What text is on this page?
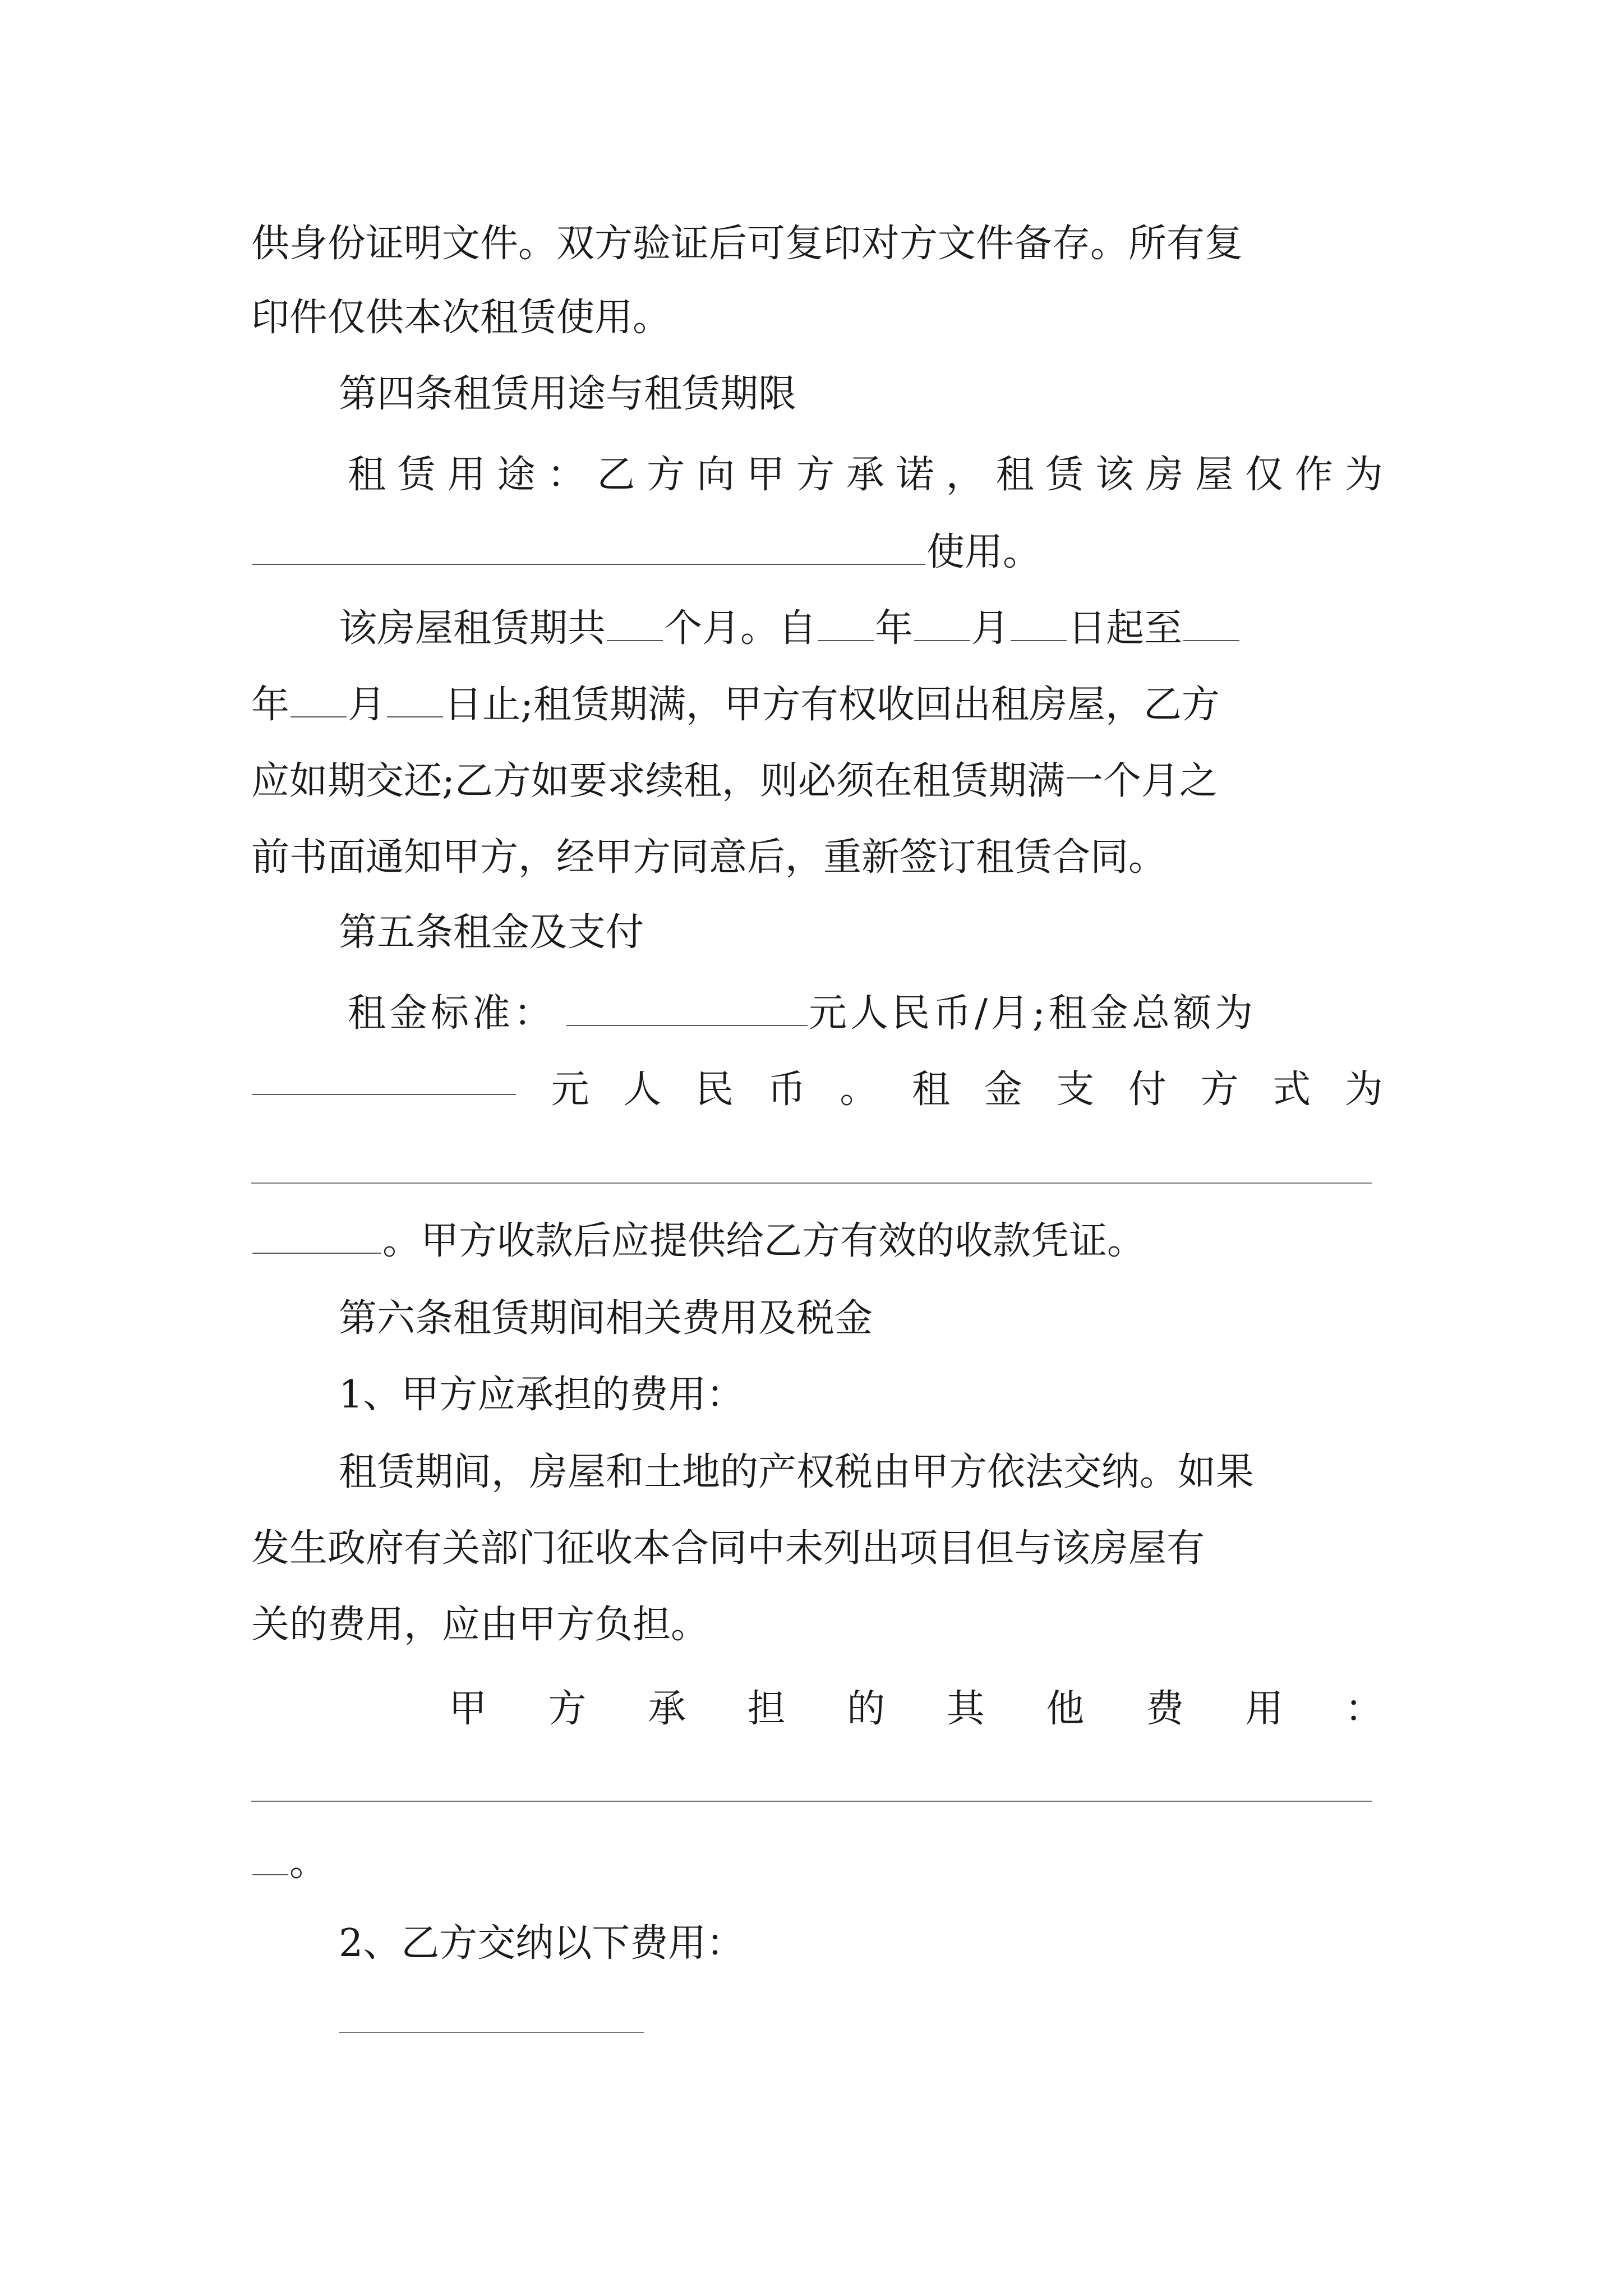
供身份证明文件。双方验证后可复印对方文件备存。所有复
印件仅供本次租赁使用。
第四条租赁用途与租赁期限
租 赁 用 途 ： 乙 方 向 甲 方 承 诺 ， 租 赁 该 房 屋 仅 作 为
使用。
该房屋租赁期共 个月。自 年 月 日起至
年 月 日止;租赁期满，甲方有权收回出租房屋，乙方
应如期交还;乙方如要求续租，则必须在租赁期满一个月之
前书面通知甲方，经甲方同意后，重新签订租赁合同。
第五条租金及支付
租金标准：	元人民币/月;租金总额为
元 人 民 币 。 租 金 支 付 方 式 为
。甲方收款后应提供给乙方有效的收款凭证。
第六条租赁期间相关费用及税金
1、甲方应承担的费用：
租赁期间，房屋和土地的产权税由甲方依法交纳。如果
发生政府有关部门征收本合同中未列出项目但与该房屋有
关的费用，应由甲方负担。
甲 方 承 担 的 其 他 费 用 ：
。
2、乙方交纳以下费用：
